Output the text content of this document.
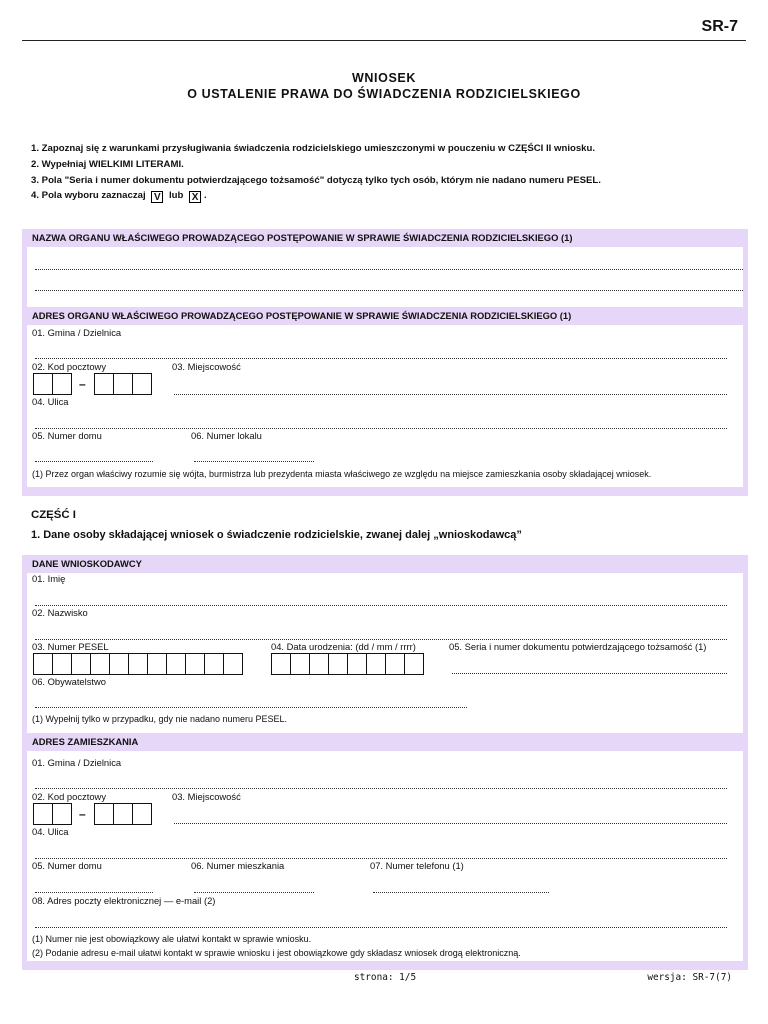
SR-7
WNIOSEK
O USTALENIE PRAWA DO ŚWIADCZENIA RODZICIELSKIEGO
1. Zapoznaj się z warunkami przysługiwania świadczenia rodzicielskiego umieszczonymi w pouczeniu w CZĘŚCI II wniosku.
2. Wypełniaj WIELKIMI LITERAMI.
3. Pola "Seria i numer dokumentu potwierdzającego tożsamość" dotyczą tylko tych osób, którym nie nadano numeru PESEL.
4. Pola wyboru zaznaczaj V lub X .
NAZWA ORGANU WŁAŚCIWEGO PROWADZĄCEGO POSTĘPOWANIE W SPRAWIE ŚWIADCZENIA RODZICIELSKIEGO (1)
ADRES ORGANU WŁAŚCIWEGO PROWADZĄCEGO POSTĘPOWANIE W SPRAWIE ŚWIADCZENIA RODZICIELSKIEGO (1)
01. Gmina / Dzielnica
02. Kod pocztowy	03. Miejscowość
–
04. Ulica
05. Numer domu	06. Numer lokalu
(1) Przez organ właściwy rozumie się wójta, burmistrza lub prezydenta miasta właściwego ze względu na miejsce zamieszkania osoby składającej wniosek.
CZĘŚĆ I
1. Dane osoby składającej wniosek o świadczenie rodzicielskie, zwanej dalej „wnioskodawcą”
DANE WNIOSKODAWCY
01. Imię
02. Nazwisko
03. Numer PESEL	04. Data urodzenia: (dd / mm / rrrr)	05. Seria i numer dokumentu potwierdzającego tożsamość (1)
06. Obywatelstwo
(1) Wypełnij tylko w przypadku, gdy nie nadano numeru PESEL.
ADRES ZAMIESZKANIA
01. Gmina / Dzielnica
02. Kod pocztowy	03. Miejscowość
–
04. Ulica
05. Numer domu	06. Numer mieszkania	07. Numer telefonu (1)
08. Adres poczty elektronicznej — e-mail (2)
(1) Numer nie jest obowiązkowy ale ułatwi kontakt w sprawie wniosku.
(2) Podanie adresu e-mail ułatwi kontakt w sprawie wniosku i jest obowiązkowe gdy składasz wniosek drogą elektroniczną.
strona: 1/5	wersja: SR-7(7)
